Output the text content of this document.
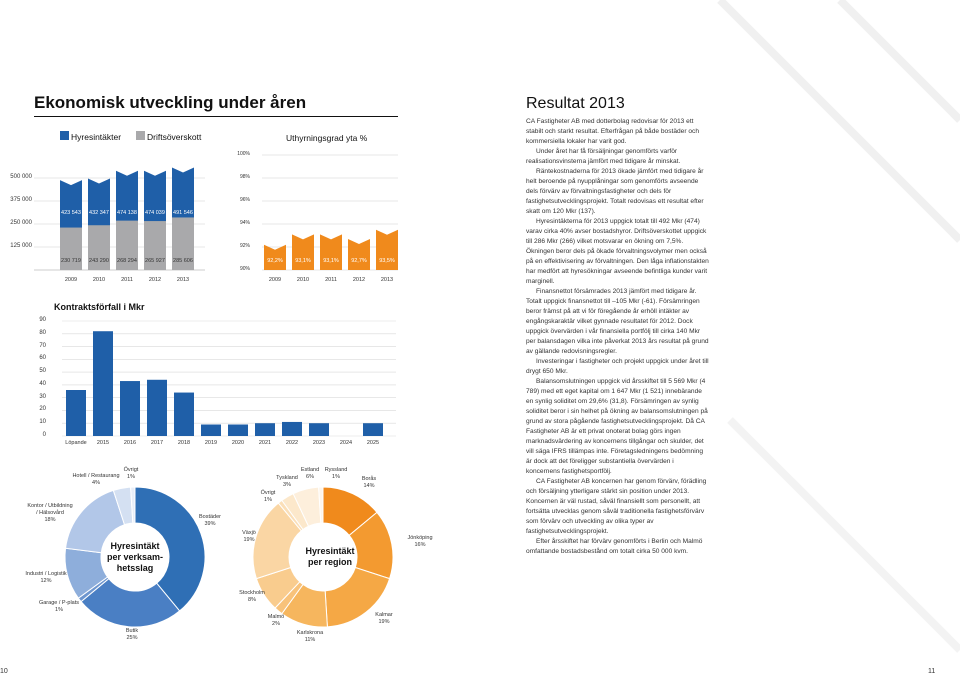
Ekonomisk utveckling under åren
Hyresintäkter	Driftsöverskott
500 000
375 000
250 000
125 000
423 543
230 719
2009
432 347
243 290
2010
474 138
268 294
2011
474 039
265 927
2012
491 546
285 606
2013
Uthyrningsgrad yta %
100%
98%
96%
94%
92%
90%
92,2%
2009
93,1%
2010
93,1%
2011
92,7%
2012
93,5%
2013
Kontraktsförfall i Mkr
90
80
70
60
50
40
30
20
10
0
Löpande	2015	2016	2017	2018	2019	2020	2021	2022	2023	2024	2025
Hyresintäkt
per verksam-
hetsslag
Bostäder
39%
Butik
25%
Garage / P-plats
1%
Industri / Logistik
12%
Kontor / Utbildning
/ Hälsovård
18%
Hotell / Restaurang
4%
Övrigt
1%
Hyresintäkt
per region
Borås
14%
Jönköping
16%
Kalmar
19%
Karlskrona
11%
Malmö
2%
Stockholm
8%
Växjö
19%
Övrigt
1%
Tyskland
3%
Estland
6%
Ryssland
1%
Resultat 2013

CA Fastigheter AB med dotterbolag redovisar för 2013 ett stabilt och starkt resultat. Efterfrågan på både bostäder och kommersiella lokaler har varit god.

Under året har få försäljningar genomförts varför realisationsvinsterna jämfört med tidigare år minskat.

Räntekostnaderna för 2013 ökade jämfört med tidigare år helt beroende på nyupplåningar som genomförts avseende dels förvärv av förvaltningsfastigheter och dels för fastighetsutvecklingsprojekt. Totalt redovisas ett resultat efter skatt om 120 Mkr (137).

Hyresintäkterna för 2013 uppgick totalt till 492 Mkr (474) varav cirka 40% avser bostadshyror. Driftsöverskottet uppgick till 286 Mkr (266) vilket motsvarar en ökning om 7,5%. Ökningen beror dels på ökade förvaltningsvolymer men också på en effektivisering av förvaltningen. Den låga inflationstakten har medfört att hyresökningar avseende befintliga kunder varit marginell.

Finansnettot försämrades 2013 jämfört med tidigare år. Totalt uppgick finansnettot till –105 Mkr (-61). Försämringen beror främst på att vi för föregående år erhöll intäkter av engångskaraktär vilket gynnade resultatet för 2012. Dock uppgick övervärden i vår finansiella portfölj till cirka 140 Mkr per balansdagen vilka inte påverkat 2013 års resultat på grund av gällande redovisningsregler.

Investeringar i fastigheter och projekt uppgick under året till drygt 650 Mkr.

Balansomslutningen uppgick vid årsskiftet till 5 569 Mkr (4 789) med ett eget kapital om 1 647 Mkr (1 521) innebärande en synlig soliditet om 29,6% (31,8). Försämringen av synlig soliditet beror i sin helhet på ökning av balansomslutningen på grund av stora pågående fastighetsutvecklingsprojekt. Då CA Fastigheter AB är ett privat onoterat bolag görs ingen marknadsvärdering av koncernens tillgångar och skulder, det vill säga IFRS tillämpas inte. Företagsledningens bedömning är dock att det föreligger substantiella övervärden i koncernens fastighetsportfölj.

CA Fastigheter AB koncernen har genom förvärv, förädling och försäljning ytterligare stärkt sin position under 2013. Koncernen är väl rustad, såväl finansiellt som personellt, att fortsätta utvecklas genom såväl traditionella fastighetsförvärv som förvärv och utveckling av olika typer av fastighetsutvecklingsprojekt.

Efter årsskiftet har förvärv genomförts i Berlin och Malmö omfattande bostadsbestånd om totalt cirka 50 000 kvm.

10	11
